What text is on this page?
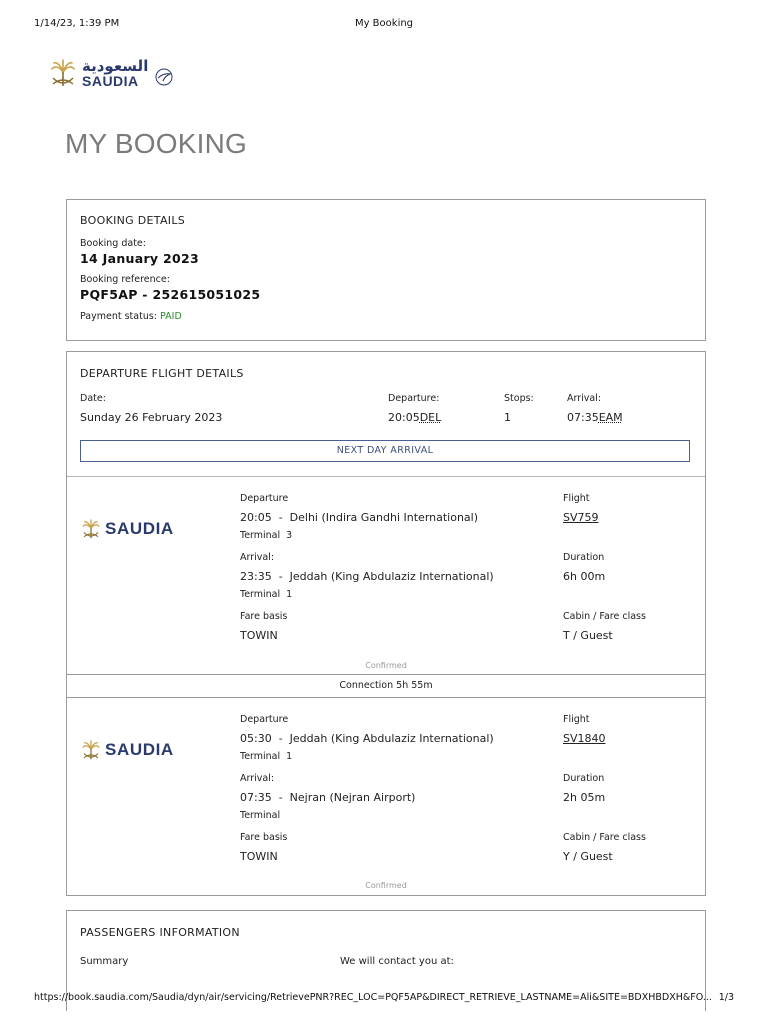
1/14/23, 1:39 PM	My Booking
السعودية
SAUDIA
MY BOOKING
BOOKING DETAILS
Booking date:
14 January 2023
Booking reference:
PQF5AP - 252615051025
Payment status: PAID
DEPARTURE FLIGHT DETAILS
Date:
Sunday 26 February 2023
Departure:
20:05DEL
Stops:
1
Arrival:
07:35EAM
NEXT DAY ARRIVAL
SAUDIA
Departure
20:05  -  Delhi (Indira Gandhi International)
Terminal  3
Arrival:
23:35  -  Jeddah (King Abdulaziz International)
Terminal  1
Fare basis
TOWIN
Flight
SV759
Duration
6h 00m
Cabin / Fare class
T / Guest
Confirmed
Connection 5h 55m
SAUDIA
Departure
05:30  -  Jeddah (King Abdulaziz International)
Terminal  1
Arrival:
07:35  -  Nejran (Nejran Airport)
Terminal
Fare basis
TOWIN
Flight
SV1840
Duration
2h 05m
Cabin / Fare class
Y / Guest
Confirmed
PASSENGERS INFORMATION
Summary	We will contact you at:
https://book.saudia.com/Saudia/dyn/air/servicing/RetrievePNR?REC_LOC=PQF5AP&DIRECT_RETRIEVE_LASTNAME=Ali&SITE=BDXHBDXH&FO... 1/3
